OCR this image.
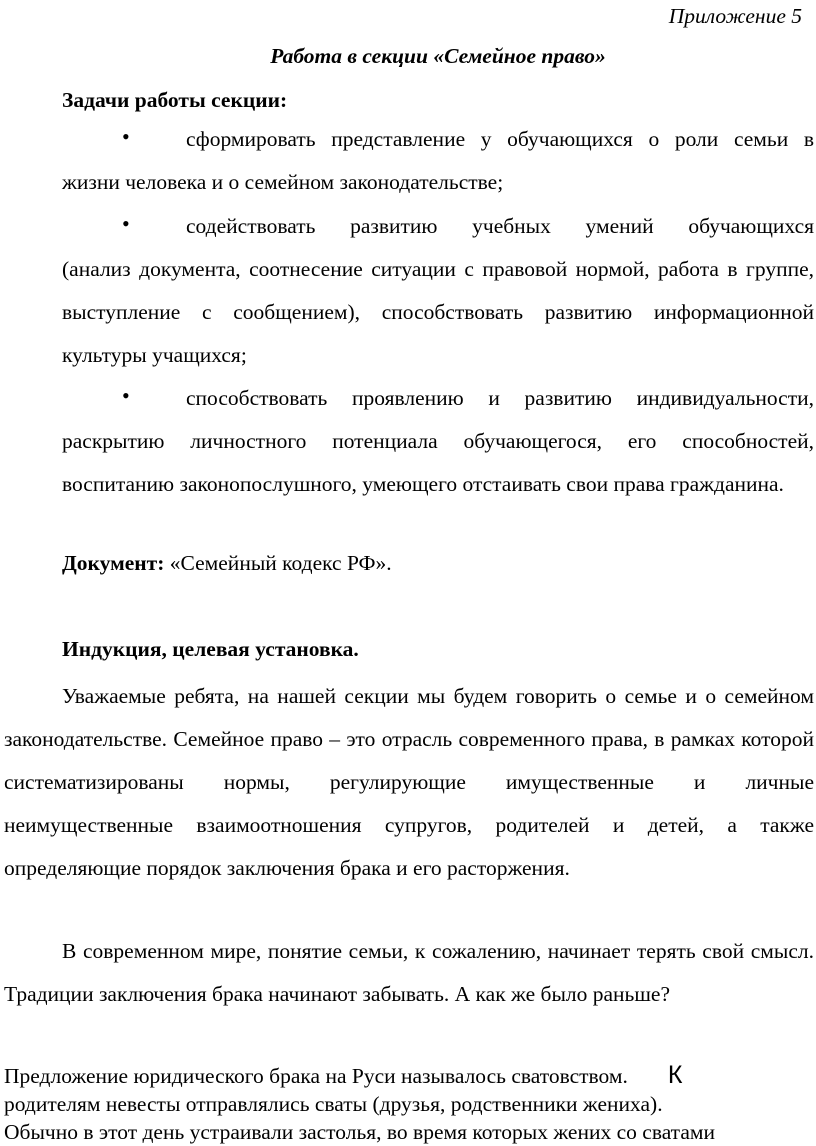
Приложение 5
Работа в секции «Семейное право»
Задачи работы секции:
•	сформировать представление у обучающихся о роли семьи в
жизни человека и о семейном законодательстве;
•	содействовать развитию учебных умений обучающихся
(анализ документа, соотнесение ситуации с правовой нормой, работа в группе, выступление с сообщением), способствовать развитию информационной культуры учащихся;
•	способствовать проявлению и развитию индивидуальности,
раскрытию личностного потенциала обучающегося, его способностей, воспитанию законопослушного, умеющего отстаивать свои права гражданина.
Документ: «Семейный кодекс РФ».
Индукция, целевая установка.
Уважаемые ребята, на нашей секции мы будем говорить о семье и о семейном законодательстве. Семейное право – это отрасль современного права, в рамках которой систематизированы нормы, регулирующие имущественные и личные неимущественные взаимоотношения супругов, родителей и детей, а также определяющие порядок заключения брака и его расторжения.
В современном мире, понятие семьи, к сожалению, начинает терять свой смысл. Традиции заключения брака начинают забывать. А как же было раньше?
Предложение юридического брака на Руси называлось сватовством. К
родителям невесты отправлялись сваты (друзья, родственники жениха).
Обычно в этот день устраивали застолья, во время которых жених со сватами
